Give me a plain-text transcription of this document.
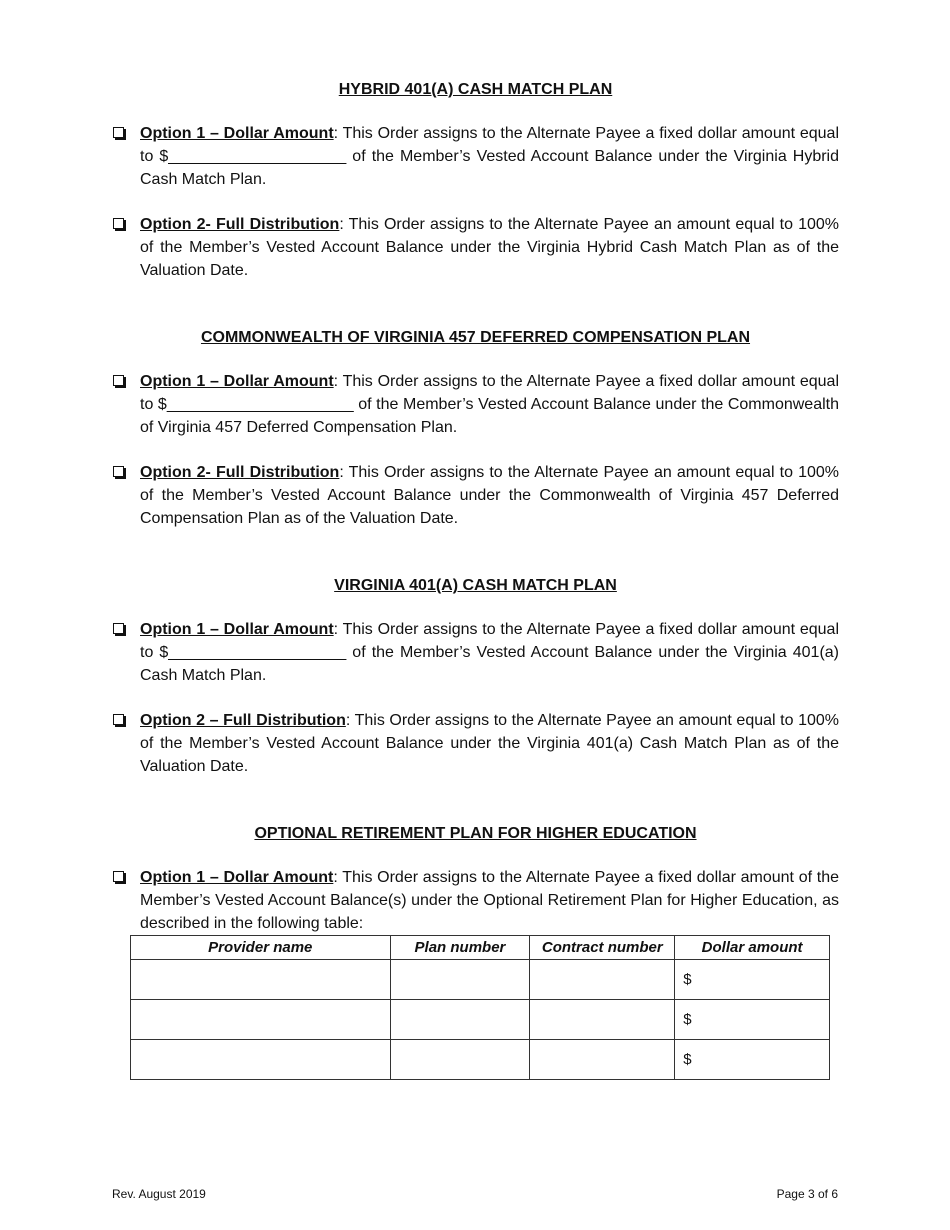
HYBRID 401(A) CASH MATCH PLAN
Option 1 – Dollar Amount: This Order assigns to the Alternate Payee a fixed dollar amount equal to $____________________ of the Member’s Vested Account Balance under the Virginia Hybrid Cash Match Plan.
Option 2- Full Distribution: This Order assigns to the Alternate Payee an amount equal to 100% of the Member’s Vested Account Balance under the Virginia Hybrid Cash Match Plan as of the Valuation Date.
COMMONWEALTH OF VIRGINIA 457 DEFERRED COMPENSATION PLAN
Option 1 – Dollar Amount: This Order assigns to the Alternate Payee a fixed dollar amount equal to $_____________________ of the Member’s Vested Account Balance under the Commonwealth of Virginia 457 Deferred Compensation Plan.
Option 2- Full Distribution: This Order assigns to the Alternate Payee an amount equal to 100% of the Member’s Vested Account Balance under the Commonwealth of Virginia 457 Deferred Compensation Plan as of the Valuation Date.
VIRGINIA 401(A) CASH MATCH PLAN
Option 1 – Dollar Amount: This Order assigns to the Alternate Payee a fixed dollar amount equal to $____________________ of the Member’s Vested Account Balance under the Virginia 401(a) Cash Match Plan.
Option 2 – Full Distribution: This Order assigns to the Alternate Payee an amount equal to 100% of the Member’s Vested Account Balance under the Virginia 401(a) Cash Match Plan as of the Valuation Date.
OPTIONAL RETIREMENT PLAN FOR HIGHER EDUCATION
Option 1 – Dollar Amount: This Order assigns to the Alternate Payee a fixed dollar amount of the Member’s Vested Account Balance(s) under the Optional Retirement Plan for Higher Education, as described in the following table:
Provider name	Plan number	Contract number	Dollar amount
			$
			$
			$
Rev. August 2019	Page 3 of 6
